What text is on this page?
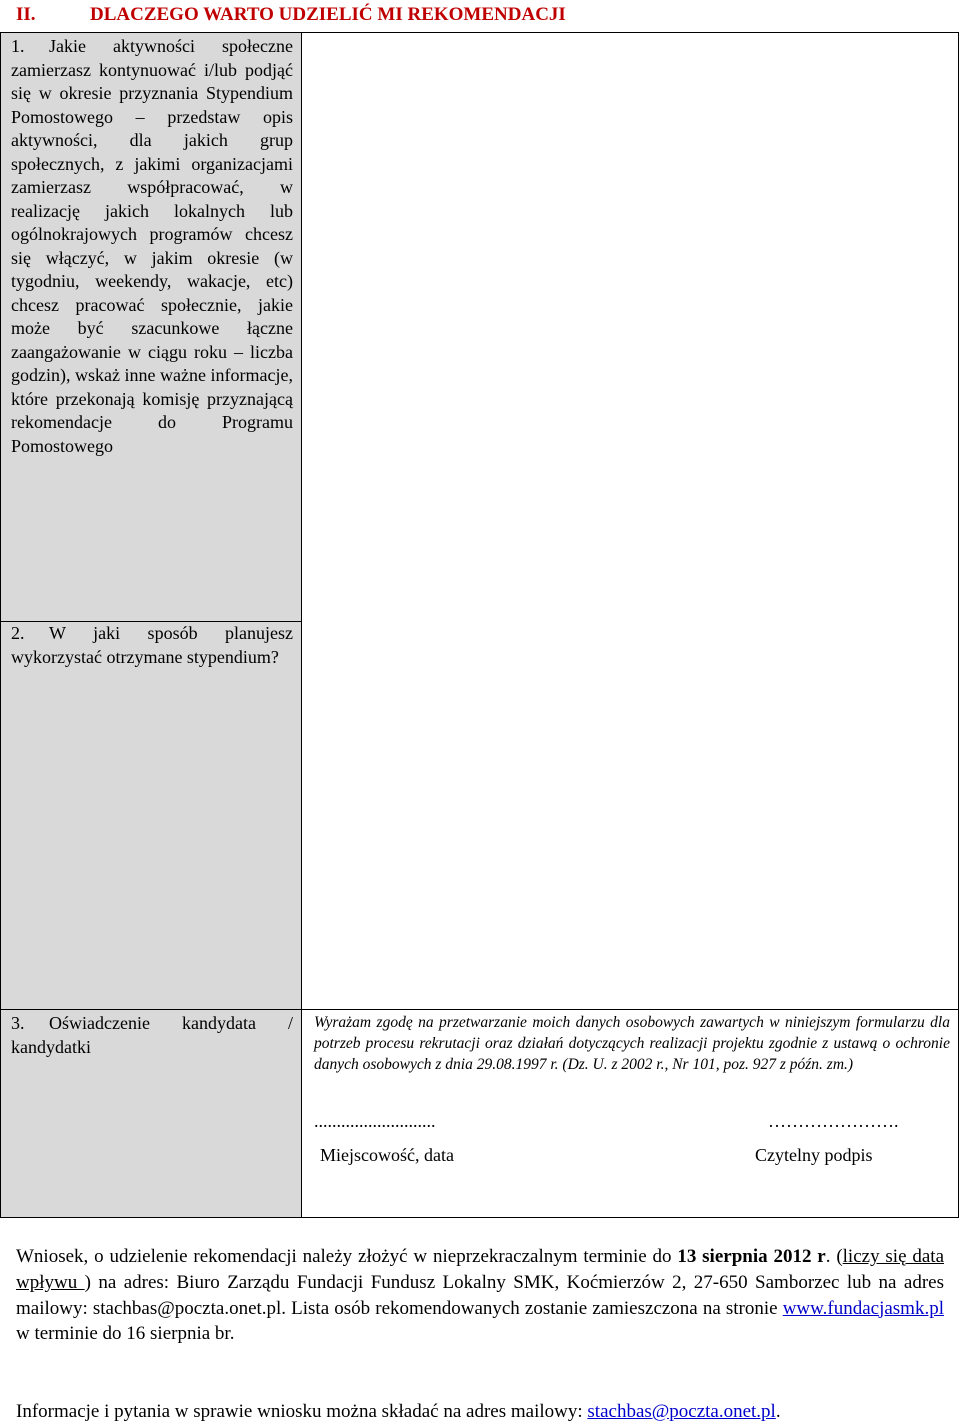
II.	DLACZEGO WARTO UDZIELIĆ MI REKOMENDACJI
1. Jakie aktywności społeczne zamierzasz kontynuować i/lub podjąć się w okresie przyznania Stypendium Pomostowego – przedstaw opis aktywności, dla jakich grup społecznych, z jakimi organizacjami zamierzasz współpracować, w realizację jakich lokalnych lub ogólnokrajowych programów chcesz się włączyć, w jakim okresie (w tygodniu, weekendy, wakacje, etc) chcesz pracować społecznie, jakie może być szacunkowe łączne zaangażowanie w ciągu roku – liczba godzin), wskaż inne ważne informacje, które przekonają komisję przyznającą rekomendacje do Programu Pomostowego	

2. W jaki sposób planujesz wykorzystać otrzymane stypendium?	

3. Oświadczenie kandydata / kandydatki	Wyrażam zgodę na przetwarzanie moich danych osobowych zawartych w niniejszym formularzu dla potrzeb procesu rekrutacji oraz działań dotyczących realizacji projektu zgodnie z ustawą o ochronie danych osobowych z dnia 29.08.1997 r. (Dz. U. z 2002 r., Nr 101, poz. 927 z późn. zm.)
...........................
Miejscowość, data
………………….
Czytelny podpis
Wniosek, o udzielenie rekomendacji należy złożyć w nieprzekraczalnym terminie do 13 sierpnia 2012 r. (liczy się data wpływu ) na adres: Biuro Zarządu Fundacji Fundusz Lokalny SMK, Koćmierzów 2, 27-650 Samborzec lub na adres mailowy: stachbas@poczta.onet.pl. Lista osób rekomendowanych zostanie zamieszczona na stronie www.fundacjasmk.pl w terminie do 16 sierpnia br.
Informacje i pytania w sprawie wniosku można składać na adres mailowy: stachbas@poczta.onet.pl.
